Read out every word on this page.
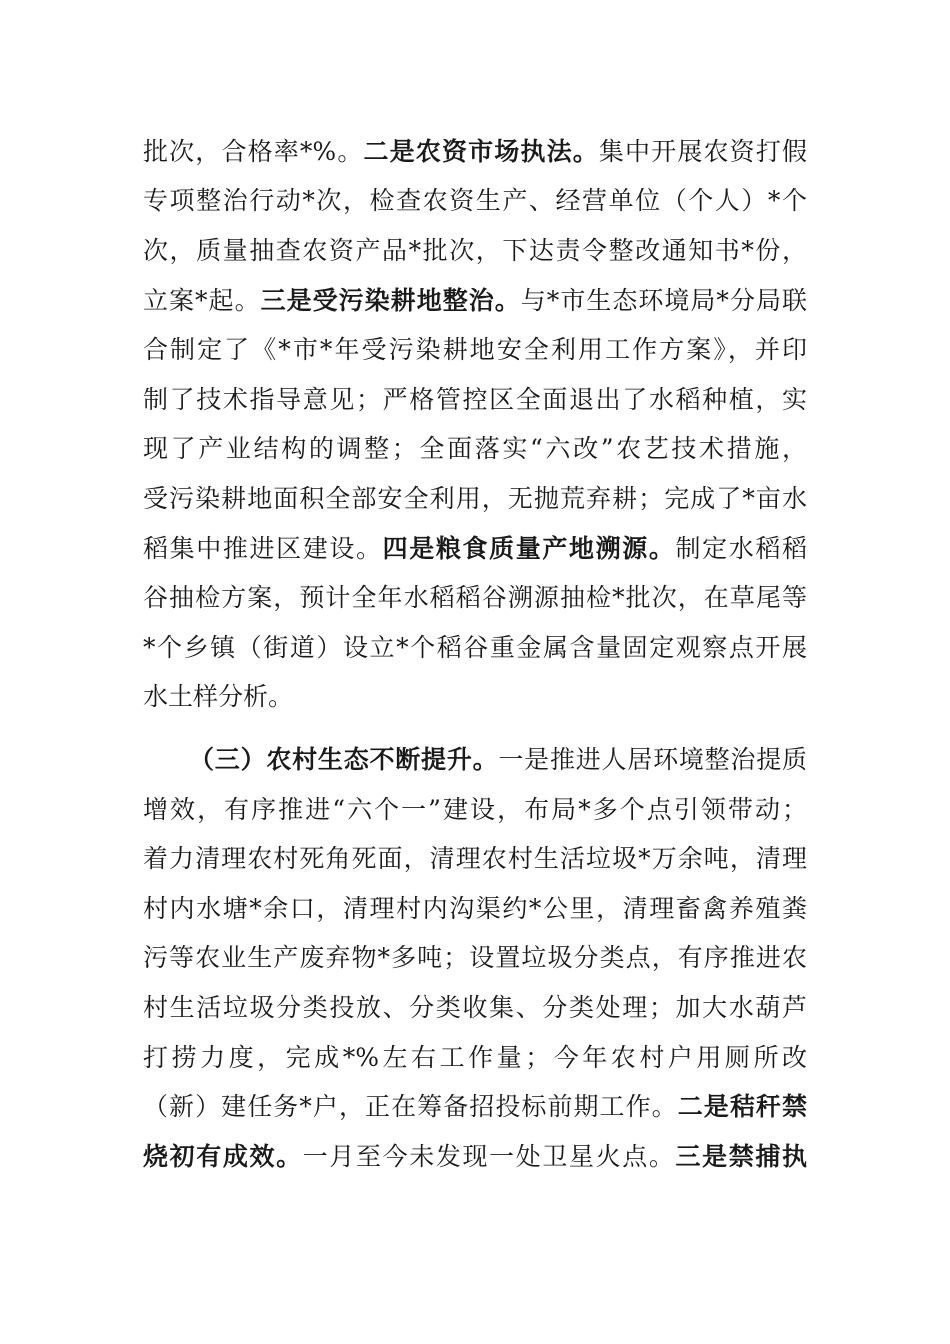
批次，合格率*%。二是农资市场执法。集中开展农资打假
专项整治行动*次，检查农资生产、经营单位（个人）*个
次，质量抽查农资产品*批次，下达责令整改通知书*份，
立案*起。三是受污染耕地整治。与*市生态环境局*分局联
合制定了《*市*年受污染耕地安全利用工作方案》，并印
制了技术指导意见；严格管控区全面退出了水稻种植，实
现了产业结构的调整；全面落实“六改”农艺技术措施，
受污染耕地面积全部安全利用，无抛荒弃耕；完成了*亩水
稻集中推进区建设。四是粮食质量产地溯源。制定水稻稻
谷抽检方案，预计全年水稻稻谷溯源抽检*批次，在草尾等
*个乡镇（街道）设立*个稻谷重金属含量固定观察点开展
水土样分析。
（三）农村生态不断提升。一是推进人居环境整治提质
增效，有序推进“六个一”建设，布局*多个点引领带动；
着力清理农村死角死面，清理农村生活垃圾*万余吨，清理
村内水塘*余口，清理村内沟渠约*公里，清理畜禽养殖粪
污等农业生产废弃物*多吨；设置垃圾分类点，有序推进农
村生活垃圾分类投放、分类收集、分类处理；加大水葫芦
打捞力度，完成*%左右工作量；今年农村户用厕所改
（新）建任务*户，正在筹备招投标前期工作。二是秸秆禁
烧初有成效。一月至今未发现一处卫星火点。三是禁捕执
